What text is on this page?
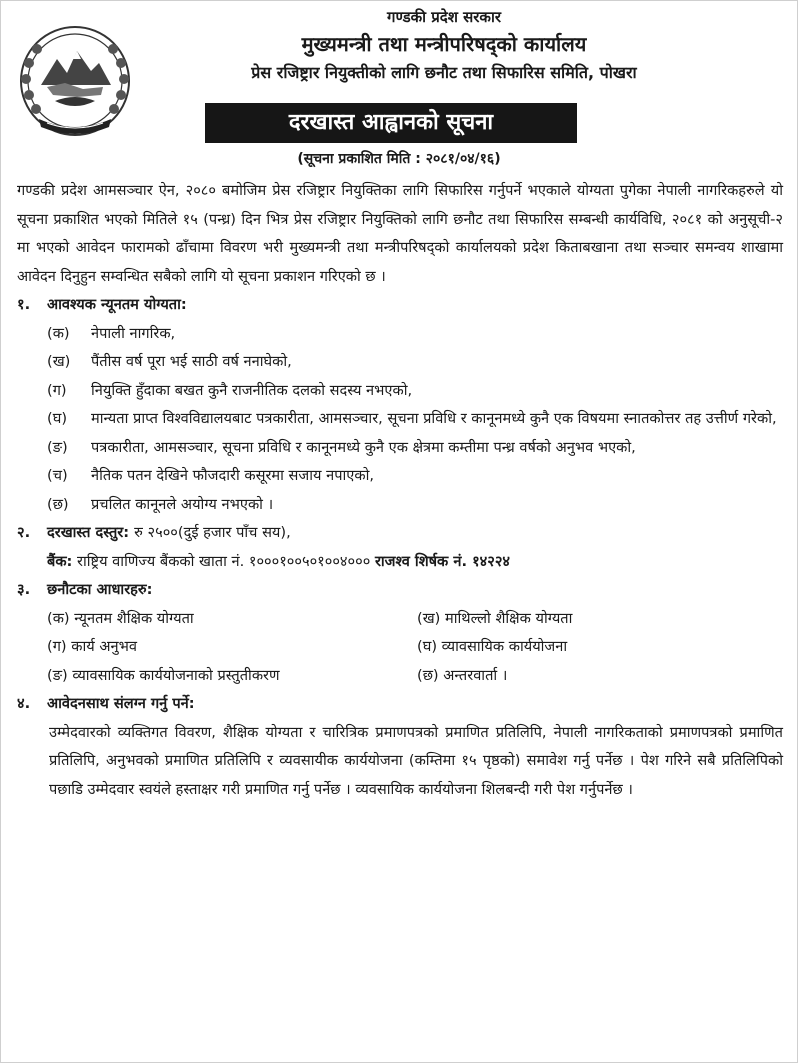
गण्डकी प्रदेश सरकार
मुख्यमन्त्री तथा मन्त्रीपरिषद्को कार्यालय
प्रेस रजिष्ट्रार नियुक्तीको लागि छनौट तथा सिफारिस समिति, पोखरा
दरखास्त आह्वानको सूचना
(सूचना प्रकाशित मिति : २०८१/०४/१६)

गण्डकी प्रदेश आमसञ्चार ऐन, २०८० बमोजिम प्रेस रजिष्ट्रार नियुक्तिका लागि सिफारिस गर्नुपर्ने भएकाले योग्यता पुगेका नेपाली नागरिकहरुले यो सूचना प्रकाशित भएको मितिले १५ (पन्ध्र) दिन भित्र प्रेस रजिष्ट्रार नियुक्तिको लागि छनौट तथा सिफारिस सम्बन्धी कार्यविधि, २०८१ को अनुसूची-२ मा भएको आवेदन फारामको ढाँचामा विवरण भरी मुख्यमन्त्री तथा मन्त्रीपरिषद्को कार्यालयको प्रदेश किताबखाना तथा सञ्चार समन्वय शाखामा आवेदन दिनुहुन सम्वन्धित सबैको लागि यो सूचना प्रकाशन गरिएको छ ।

१.	आवश्यक न्यूनतम योग्यता:
(क)	नेपाली नागरिक,
(ख)	पैंतीस वर्ष पूरा भई साठी वर्ष ननाघेको,
(ग)	नियुक्ति हुँदाका बखत कुनै राजनीतिक दलको सदस्य नभएको,
(घ)	मान्यता प्राप्त विश्वविद्यालयबाट पत्रकारीता, आमसञ्चार, सूचना प्रविधि र कानूनमध्ये कुनै एक विषयमा स्नातकोत्तर तह उत्तीर्ण गरेको,
(ङ)	पत्रकारीता, आमसञ्चार, सूचना प्रविधि र कानूनमध्ये कुनै एक क्षेत्रमा कम्तीमा पन्ध्र वर्षको अनुभव भएको,
(च)	नैतिक पतन देखिने फौजदारी कसूरमा सजाय नपाएको,
(छ)	प्रचलित कानूनले अयोग्य नभएको ।
२.	दरखास्त दस्तुर: रु २५००(दुई हजार पाँच सय),
बैंक: राष्ट्रिय वाणिज्य बैंकको खाता नं. १०००१००५०१००४००० राजश्व शिर्षक नं. १४२२४
३.	छनौटका आधारहरु:
(क) न्यूनतम शैक्षिक योग्यता	(ख) माथिल्लो शैक्षिक योग्यता
(ग) कार्य अनुभव	(घ) व्यावसायिक कार्ययोजना
(ङ) व्यावसायिक कार्ययोजनाको प्रस्तुतीकरण	(छ) अन्तरवार्ता ।
४.	आवेदनसाथ संलग्न गर्नु पर्ने:

उम्मेदवारको व्यक्तिगत विवरण, शैक्षिक योग्यता र चारित्रिक प्रमाणपत्रको प्रमाणित प्रतिलिपि, नेपाली नागरिकताको प्रमाणपत्रको प्रमाणित प्रतिलिपि, अनुभवको प्रमाणित प्रतिलिपि र व्यवसायीक कार्ययोजना (कम्तिमा १५ पृष्ठको) समावेश गर्नु पर्नेछ । पेश गरिने सबै प्रतिलिपिको पछाडि उम्मेदवार स्वयंले हस्ताक्षर गरी प्रमाणित गर्नु पर्नेछ । व्यवसायिक कार्ययोजना शिलबन्दी गरी पेश गर्नुपर्नेछ ।
